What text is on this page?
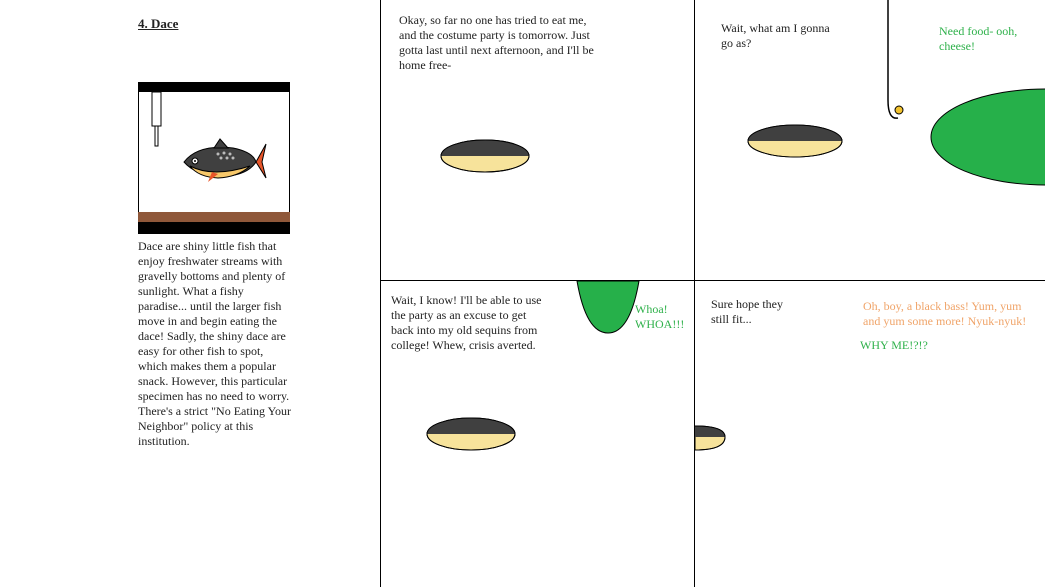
4. Dace
Dace are shiny little fish that enjoy freshwater streams with gravelly bottoms and plenty of sunlight. What a fishy paradise... until the larger fish move in and begin eating the dace! Sadly, the shiny dace are easy for other fish to spot, which makes them a popular snack. However, this particular specimen has no need to worry. There's a strict "No Eating Your Neighbor" policy at this institution.
Okay, so far no one has tried to eat me, and the costume party is tomorrow. Just gotta last until next afternoon, and I'll be home free-
Wait, what am I gonna go as?
Need food- ooh, cheese!
Wait, I know! I'll be able to use the party as an excuse to get back into my old sequins from college! Whew, crisis averted.
Whoa! WHOA!!!
Sure hope they still fit...
Oh, boy, a black bass! Yum, yum and yum some more! Nyuk-nyuk!
WHY ME!?!?
